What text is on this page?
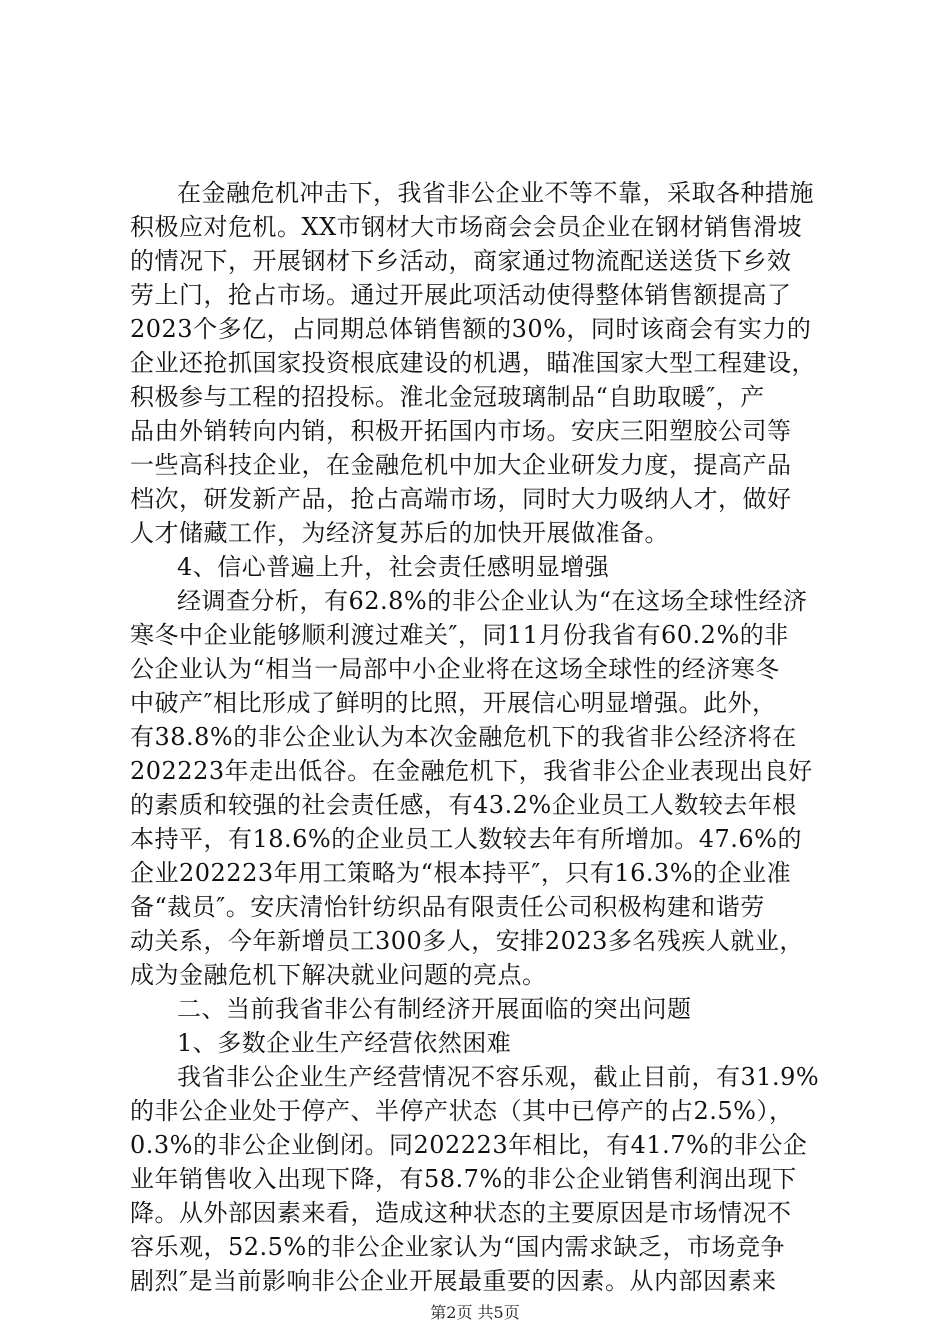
在金融危机冲击下，我省非公企业不等不靠，采取各种措施
积极应对危机。XX市钢材大市场商会会员企业在钢材销售滑坡
的情况下，开展钢材下乡活动，商家通过物流配送送货下乡效
劳上门，抢占市场。通过开展此项活动使得整体销售额提高了
2023个多亿，占同期总体销售额的30%，同时该商会有实力的
企业还抢抓国家投资根底建设的机遇，瞄准国家大型工程建设，
积极参与工程的招投标。淮北金冠玻璃制品“自助取暖″，产
品由外销转向内销，积极开拓国内市场。安庆三阳塑胶公司等
一些高科技企业，在金融危机中加大企业研发力度，提高产品
档次，研发新产品，抢占高端市场，同时大力吸纳人才，做好
人才储藏工作，为经济复苏后的加快开展做准备。
4、信心普遍上升，社会责任感明显增强
经调查分析，有62.8%的非公企业认为“在这场全球性经济
寒冬中企业能够顺利渡过难关″，同11月份我省有60.2%的非
公企业认为“相当一局部中小企业将在这场全球性的经济寒冬
中破产″相比形成了鲜明的比照，开展信心明显增强。此外，
有38.8%的非公企业认为本次金融危机下的我省非公经济将在
202223年走出低谷。在金融危机下，我省非公企业表现出良好
的素质和较强的社会责任感，有43.2%企业员工人数较去年根
本持平，有18.6%的企业员工人数较去年有所增加。47.6%的
企业202223年用工策略为“根本持平″，只有16.3%的企业准
备“裁员″。安庆清怡针纺织品有限责任公司积极构建和谐劳
动关系，今年新增员工300多人，安排2023多名残疾人就业，
成为金融危机下解决就业问题的亮点。
二、当前我省非公有制经济开展面临的突出问题
1、多数企业生产经营依然困难
我省非公企业生产经营情况不容乐观，截止目前，有31.9%
的非公企业处于停产、半停产状态（其中已停产的占2.5%），
0.3%的非公企业倒闭。同202223年相比，有41.7%的非公企
业年销售收入出现下降，有58.7%的非公企业销售利润出现下
降。从外部因素来看，造成这种状态的主要原因是市场情况不
容乐观，52.5%的非公企业家认为“国内需求缺乏，市场竞争
剧烈″是当前影响非公企业开展最重要的因素。从内部因素来
第2页 共5页
